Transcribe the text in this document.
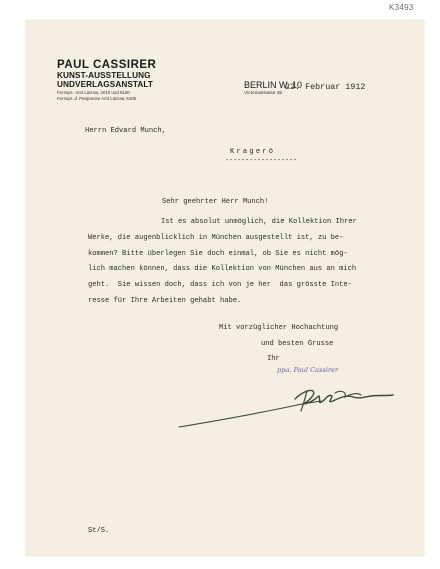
K3493
PAUL CASSIRER
KUNST-AUSSTELLUNG
UNDVERLAGSANSTALT
Fernspr.: Amt Lützow, 4010 und 9150
Fernspr. d. Panpresse Amt Lützow, 6405
BERLIN W. 10
Victoriastrasse 35
22. Februar 1912
Herrn Edvard Munch,
Kragerö
------------------
Sehr geehrter Herr Munch!
Ist es absolut unmöglich, die Kollektion Ihrer
Werke, die augenblicklich in München ausgestellt ist, zu be-
kommen? Bitte überlegen Sie doch einmal, ob Sie es nicht mög-
lich machen können, dass die Kollektion von München aus an mich
geht.  Sie wissen doch, dass ich von je her  das grösste Inte-
resse für Ihre Arbeiten gehabt habe.
Mit vorzüglicher Hochachtung
und besten Grusse
Ihr
ppa. Paul Cassirer
St/S.
